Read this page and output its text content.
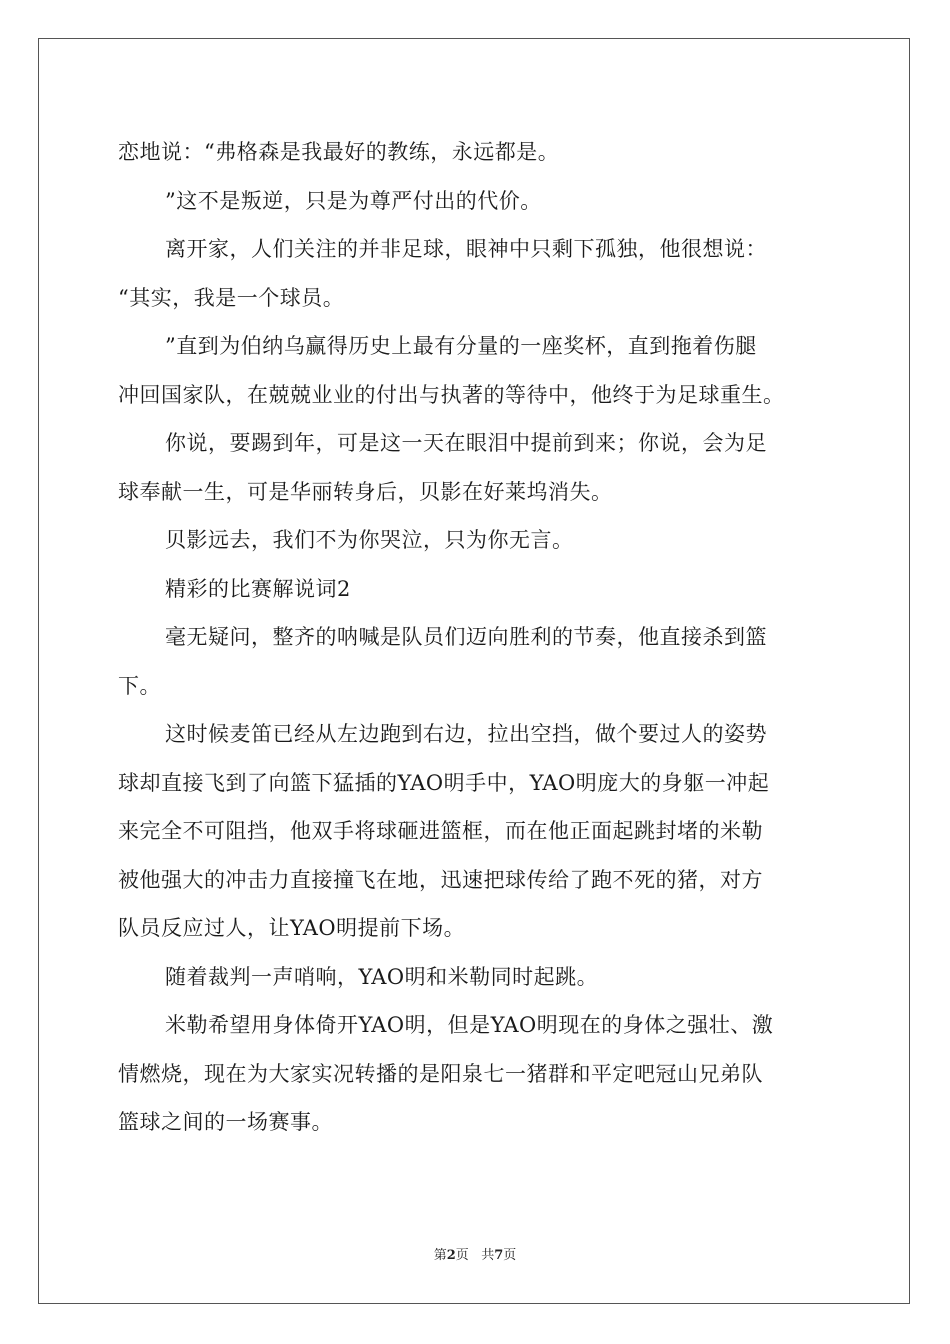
恋地说：“弗格森是我最好的教练，永远都是。
”这不是叛逆，只是为尊严付出的代价。
离开家，人们关注的并非足球，眼神中只剩下孤独，他很想说：
“其实，我是一个球员。
”直到为伯纳乌赢得历史上最有分量的一座奖杯，直到拖着伤腿
冲回国家队，在兢兢业业的付出与执著的等待中，他终于为足球重生。
你说，要踢到年，可是这一天在眼泪中提前到来；你说，会为足
球奉献一生，可是华丽转身后，贝影在好莱坞消失。
贝影远去，我们不为你哭泣，只为你无言。
精彩的比赛解说词2
毫无疑问，整齐的呐喊是队员们迈向胜利的节奏，他直接杀到篮
下。
这时候麦笛已经从左边跑到右边，拉出空挡，做个要过人的姿势
球却直接飞到了向篮下猛插的YAO明手中，YAO明庞大的身躯一冲起
来完全不可阻挡，他双手将球砸进篮框，而在他正面起跳封堵的米勒
被他强大的冲击力直接撞飞在地，迅速把球传给了跑不死的猪，对方
队员反应过人，让YAO明提前下场。
随着裁判一声哨响，YAO明和米勒同时起跳。
米勒希望用身体倚开YAO明，但是YAO明现在的身体之强壮、激
情燃烧，现在为大家实况转播的是阳泉七一猪群和平定吧冠山兄弟队
篮球之间的一场赛事。
第2页 共7页
